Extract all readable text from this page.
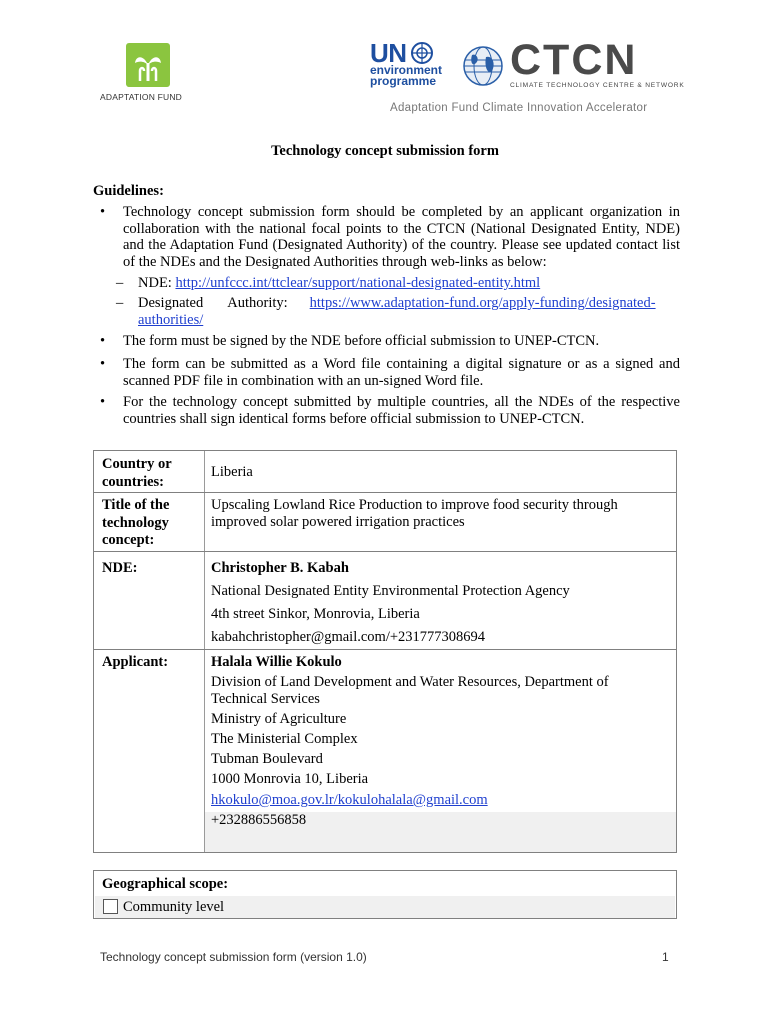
ADAPTATION FUND
UN
environment
programme	CTCN
CLIMATE TECHNOLOGY CENTRE & NETWORK
Adaptation Fund Climate Innovation Accelerator
Technology concept submission form
Guidelines:
• Technology concept submission form should be completed by an applicant organization in collaboration with the national focal points to the CTCN (National Designated Entity, NDE) and the Adaptation Fund (Designated Authority) of the country. Please see updated contact list of the NDEs and the Designated Authorities through web-links as below:
– NDE: http://unfccc.int/ttclear/support/national-designated-entity.html
– Designated Authority: https://www.adaptation-fund.org/apply-funding/designated-
authorities/
• The form must be signed by the NDE before official submission to UNEP-CTCN.
• The form can be submitted as a Word file containing a digital signature or as a signed and scanned PDF file in combination with an un-signed Word file.
• For the technology concept submitted by multiple countries, all the NDEs of the respective countries shall sign identical forms before official submission to UNEP-CTCN.
Country or countries:
Liberia
Title of the technology concept:
Upscaling Lowland Rice Production to improve food security through improved solar powered irrigation practices
NDE:	Christopher B. Kabah
National Designated Entity Environmental Protection Agency
4th street Sinkor, Monrovia, Liberia
kabahchristopher@gmail.com/+231777308694
Applicant:	Halala Willie Kokulo
Division of Land Development and Water Resources, Department of Technical Services
Ministry of Agriculture
The Ministerial Complex
Tubman Boulevard
1000 Monrovia 10, Liberia
hkokulo@moa.gov.lr/kokulohalala@gmail.com
+232886556858
Geographical scope:
Community level
Technology concept submission form (version 1.0)	1
